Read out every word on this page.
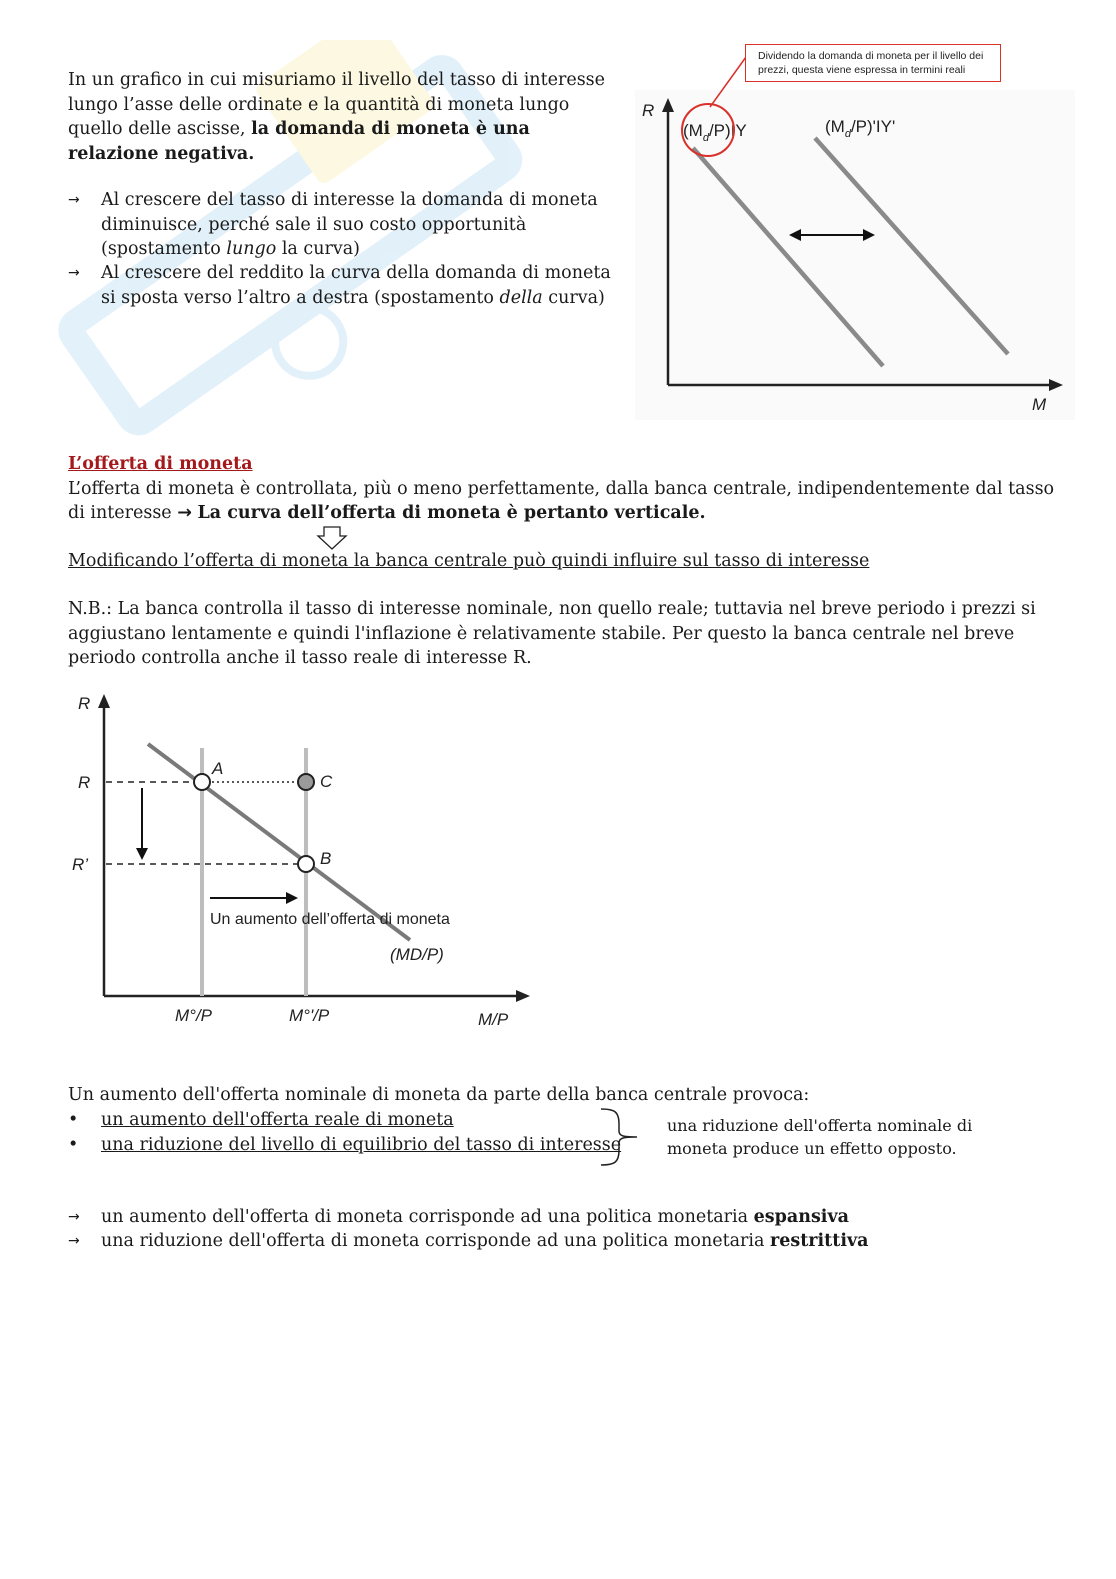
In un grafico in cui misuriamo il livello del tasso di interesse lungo l’asse delle ordinate e la quantità di moneta lungo quello delle ascisse, la domanda di moneta è una relazione negativa.
→	Al crescere del tasso di interesse la domanda di moneta diminuisce, perché sale il suo costo opportunità (spostamento lungo la curva)
→	Al crescere del reddito la curva della domanda di moneta si sposta verso l’altro a destra (spostamento della curva)
R
M
$(M_d/P)IY$	$(M_d/P)'IY'$
Dividendo la domanda di moneta per il livello dei prezzi, questa viene espressa in termini reali
L’offerta di moneta
L’offerta di moneta è controllata, più o meno perfettamente, dalla banca centrale, indipendentemente dal tasso
di interesse → La curva dell’offerta di moneta è pertanto verticale.
Modificando l’offerta di moneta la banca centrale può quindi influire sul tasso di interesse
N.B.: La banca controlla il tasso di interesse nominale, non quello reale; tuttavia nel breve periodo i prezzi si aggiustano lentamente e quindi l'inflazione è relativamente stabile. Per questo la banca centrale nel breve periodo controlla anche il tasso reale di interesse R.
R
M/P
R
R’
M°/P	M°'/P
A
B
C
Un aumento dell’offerta di moneta
(MD/P)
Un aumento dell'offerta nominale di moneta da parte della banca centrale provoca:
• un aumento dell'offerta reale di moneta
• una riduzione del livello di equilibrio del tasso di interesse
una riduzione dell'offerta nominale di moneta produce un effetto opposto.
→	un aumento dell'offerta di moneta corrisponde ad una politica monetaria espansiva
→	una riduzione dell'offerta di moneta corrisponde ad una politica monetaria restrittiva
